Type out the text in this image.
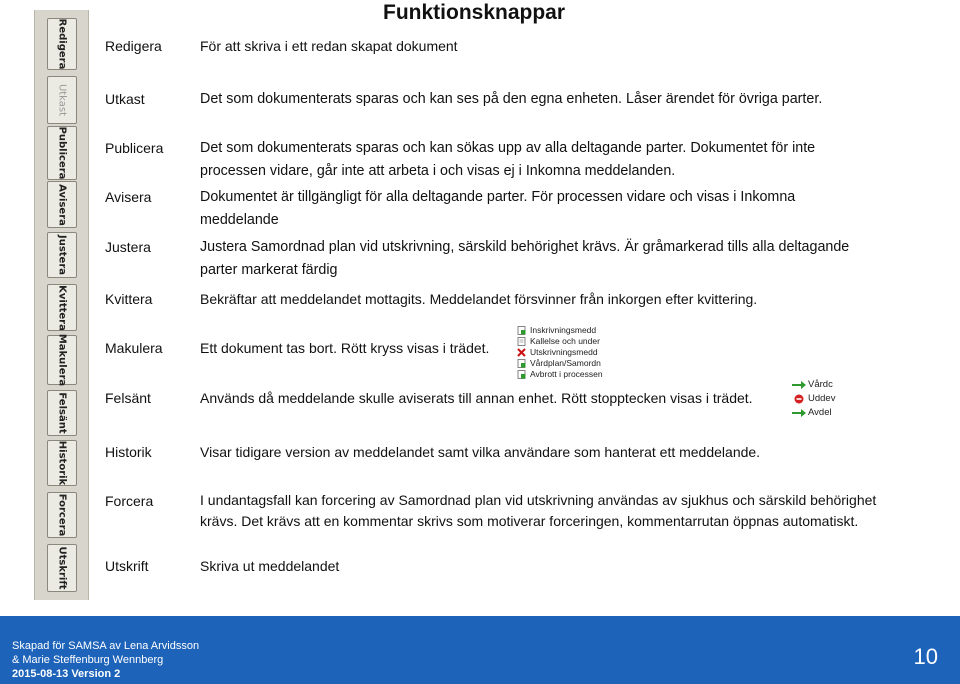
Redigera
Utkast
Publicera
Avisera
Justera
Kvittera
Makulera
Felsänt
Historik
Forcera
Utskrift
Funktionsknappar
Redigera
Utkast
Publicera
Avisera
Justera
Kvittera
Makulera
Felsänt
Historik
Forcera
Utskrift
För att skriva i ett redan skapat dokument
Det som dokumenterats sparas och kan ses på den egna enheten. Låser ärendet för övriga parter.
Det som dokumenterats sparas och kan sökas upp av alla deltagande parter. Dokumentet för inte processen vidare, går inte att arbeta i och visas ej i Inkomna meddelanden.
Dokumentet är tillgängligt för alla deltagande parter. För processen vidare och visas i Inkomna meddelande
Justera Samordnad plan vid utskrivning, särskild behörighet krävs. Är gråmarkerad tills alla deltagande parter markerat färdig
Bekräftar att meddelandet mottagits. Meddelandet försvinner från inkorgen efter kvittering.
Ett dokument tas bort. Rött kryss visas i trädet.
Används då meddelande skulle aviserats till annan enhet. Rött stopptecken visas i trädet.
Visar tidigare version av meddelandet samt vilka användare som hanterat ett meddelande.
I undantagsfall kan forcering av Samordnad plan vid utskrivning användas av sjukhus och särskild behörighet krävs. Det krävs att en kommentar skrivs som motiverar forceringen, kommentarrutan öppnas automatiskt.
Skriva ut meddelandet
Inskrivningsmedd
Kallelse och under
Utskrivningsmedd
Vårdplan/Samordn
Avbrott i processen
Vårdc
Uddev
Avdel
Skapad för SAMSA av Lena Arvidsson
& Marie Steffenburg Wennberg
2015-08-13 Version 2
10
